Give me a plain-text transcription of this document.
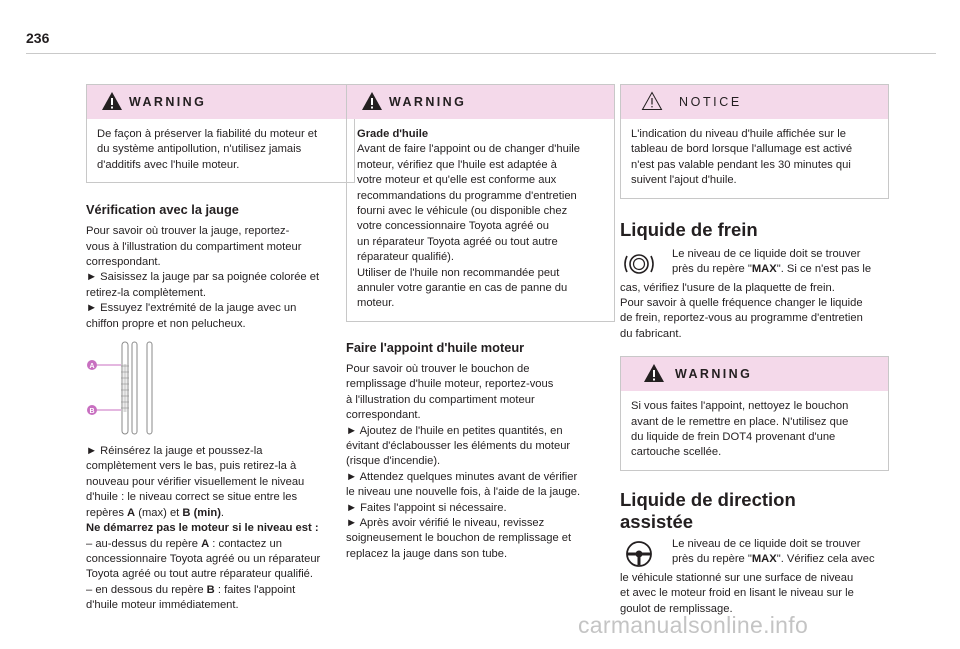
236
WARNING
De façon à préserver la fiabilité du moteur et
du système antipollution, n'utilisez jamais
d'additifs avec l'huile moteur.
Vérification avec la jauge

Pour savoir où trouver la jauge, reportez-
vous à l'illustration du compartiment moteur
correspondant.
► Saisissez la jauge par sa poignée colorée et
retirez-la complètement.
► Essuyez l'extrémité de la jauge avec un
chiffon propre et non pelucheux.

A
B

► Réinsérez la jauge et poussez-la
complètement vers le bas, puis retirez-la à
nouveau pour vérifier visuellement le niveau
d'huile : le niveau correct se situe entre les
repères A (max) et B (min).
Ne démarrez pas le moteur si le niveau est :
– au-dessus du repère A : contactez un
concessionnaire Toyota agréé ou un réparateur
Toyota agréé ou tout autre réparateur qualifié.
– en dessous du repère B : faites l'appoint
d'huile moteur immédiatement.

WARNING
Grade d'huile
Avant de faire l'appoint ou de changer d'huile
moteur, vérifiez que l'huile est adaptée à
votre moteur et qu'elle est conforme aux
recommandations du programme d'entretien
fourni avec le véhicule (ou disponible chez
votre concessionnaire Toyota agréé ou
un réparateur Toyota agréé ou tout autre
réparateur qualifié).
Utiliser de l'huile non recommandée peut
annuler votre garantie en cas de panne du
moteur.
Faire l'appoint d'huile moteur

Pour savoir où trouver le bouchon de
remplissage d'huile moteur, reportez-vous
à l'illustration du compartiment moteur
correspondant.
► Ajoutez de l'huile en petites quantités, en
évitant d'éclabousser les éléments du moteur
(risque d'incendie).
► Attendez quelques minutes avant de vérifier
le niveau une nouvelle fois, à l'aide de la jauge.
► Faites l'appoint si nécessaire.
► Après avoir vérifié le niveau, revissez
soigneusement le bouchon de remplissage et
replacez la jauge dans son tube.

NOTICE
L'indication du niveau d'huile affichée sur le
tableau de bord lorsque l'allumage est activé
n'est pas valable pendant les 30 minutes qui
suivent l'ajout d'huile.
Liquide de frein
Le niveau de ce liquide doit se trouver
près du repère "MAX". Si ce n'est pas le

cas, vérifiez l'usure de la plaquette de frein.
Pour savoir à quelle fréquence changer le liquide
de frein, reportez-vous au programme d'entretien
du fabricant.

WARNING
Si vous faites l'appoint, nettoyez le bouchon
avant de le remettre en place. N'utilisez que
du liquide de frein DOT4 provenant d'une
cartouche scellée.
Liquide de direction
assistée
Le niveau de ce liquide doit se trouver
près du repère "MAX". Vérifiez cela avec

le véhicule stationné sur une surface de niveau
et avec le moteur froid en lisant le niveau sur le
goulot de remplissage.

carmanualsonline.info
